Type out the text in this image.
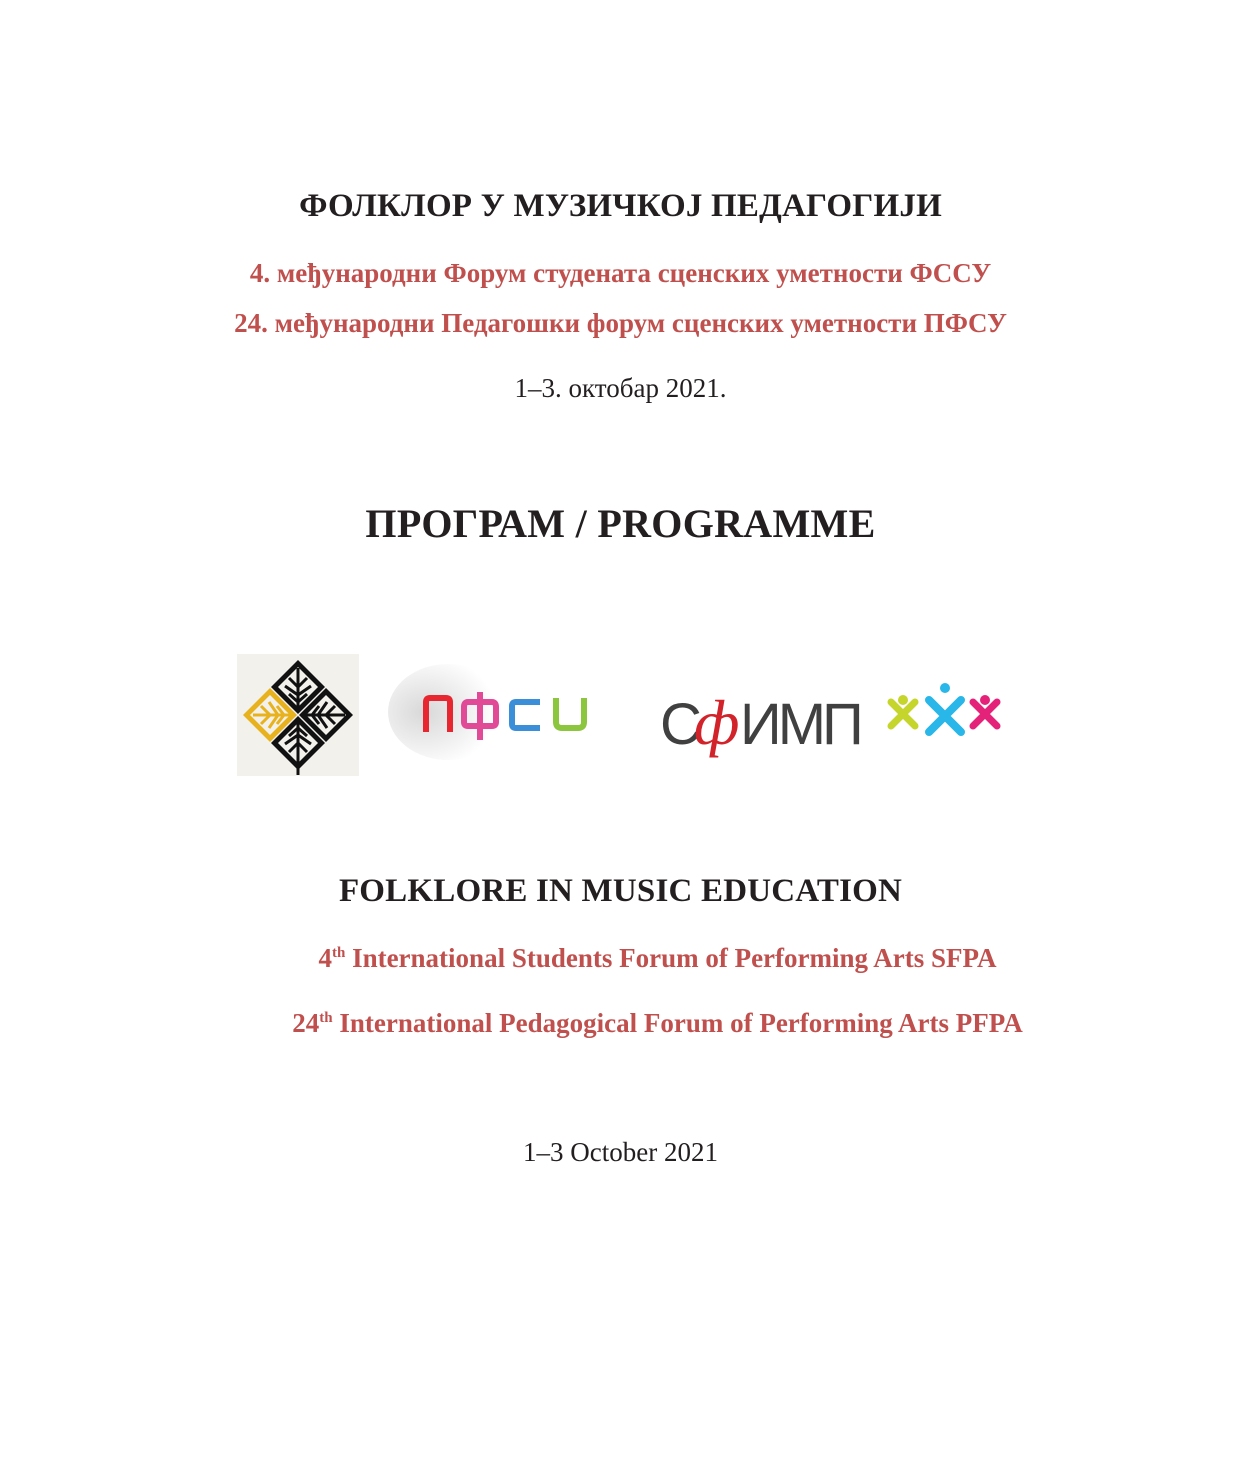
ФОЛКЛОР У МУЗИЧКОЈ ПЕДАГОГИЈИ
4. међународни Форум студената сценских уметности ФССУ
24. међународни Педагошки форум сценских уметности ПФСУ
1–3. октобар 2021.
ПРОГРАМ / PROGRAMME
С
ф ИМП
FOLKLORE IN MUSIC EDUCATION
4th International Students Forum of Performing Arts SFPA
24th International Pedagogical Forum of Performing Arts PFPA
1–3 October 2021
